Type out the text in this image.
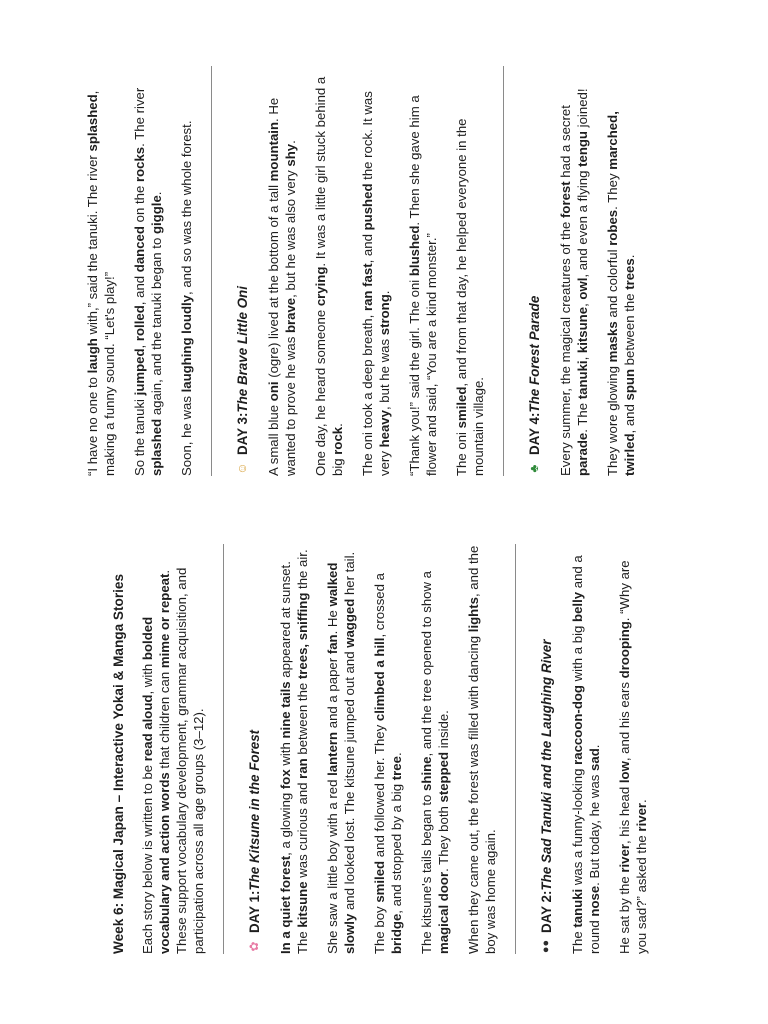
Week 6: Magical Japan – Interactive Yokai & Manga Stories Each story below is written to be read aloud, with bolded vocabulary and action words that children can mime or repeat. These support vocabulary development, grammar acquisition, and participation across all age groups (3–12).	✿
DAY 1:
The Kitsune in the Forest

In a quiet forest, a glowing fox with nine tails appeared at sunset. The kitsune was curious and ran between the trees, sniffing the air.

She saw a little boy with a red lantern and a paper fan. He walked slowly and looked lost. The kitsune jumped out and wagged her tail.

The boy smiled and followed her. They climbed a hill, crossed a bridge, and stopped by a big tree.

The kitsune's tails began to shine, and the tree opened to show a magical door. They both stepped inside. When they came out, the forest was filled with dancing lights, and the boy was home again.	●●
DAY 2:
The Sad Tanuki and the Laughing River

The tanuki was a funny-looking raccoon-dog with a big belly and a round nose. But today, he was sad.

He sat by the river, his head low, and his ears drooping. “Why are you sad?” asked the river.

“I have no one to laugh with,” said the tanuki. The river splashed, making a funny sound. “Let's play!” So the tanuki jumped, rolled, and danced on the rocks. The river splashed again, and the tanuki began to giggle.

Soon, he was laughing loudly, and so was the whole forest.

☺
DAY 3:
The Brave Little Oni

A small blue oni (ogre) lived at the bottom of a tall mountain. He wanted to prove he was brave, but he was also very shy.

One day, he heard someone crying. It was a little girl stuck behind a big rock. The oni took a deep breath, ran fast, and pushed the rock. It was very heavy, but he was strong. “Thank you!” said the girl. The oni blushed. Then she gave him a flower and said, “You are a kind monster.” The oni smiled, and from that day, he helped everyone in the mountain village.	♣
DAY 4:
The Forest Parade Every summer, the magical creatures of the forest had a secret parade. The tanuki, kitsune, owl, and even a flying tengu joined!

They wore glowing masks and colorful robes. They marched, twirled, and spun between the trees.
